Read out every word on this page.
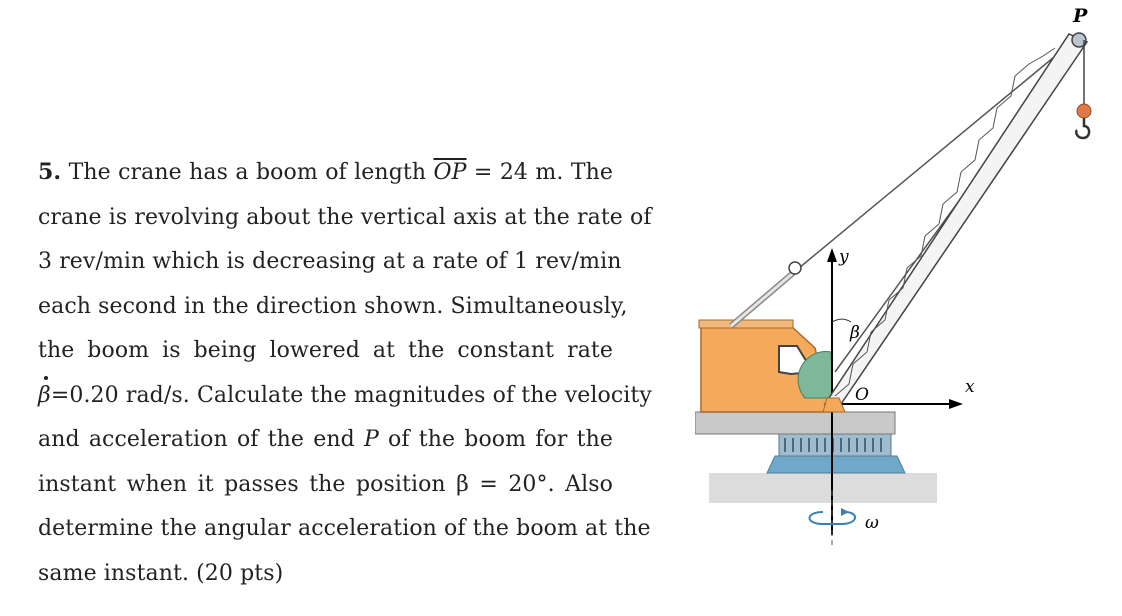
5. The crane has a boom of length $\overline{OP} = 24$ m. The
crane is revolving about the vertical axis at the rate of
3 rev/min which is decreasing at a rate of 1 rev/min
each second in the direction shown. Simultaneously,
the boom is being lowered at the constant rate
β=0.20 rad/s. Calculate the magnitudes of the velocity
and acceleration of the end P of the boom for the
instant when it passes the position β = 20°. Also
determine the angular acceleration of the boom at the
same instant. (20 pts)
P
y
x
O
β
ω
